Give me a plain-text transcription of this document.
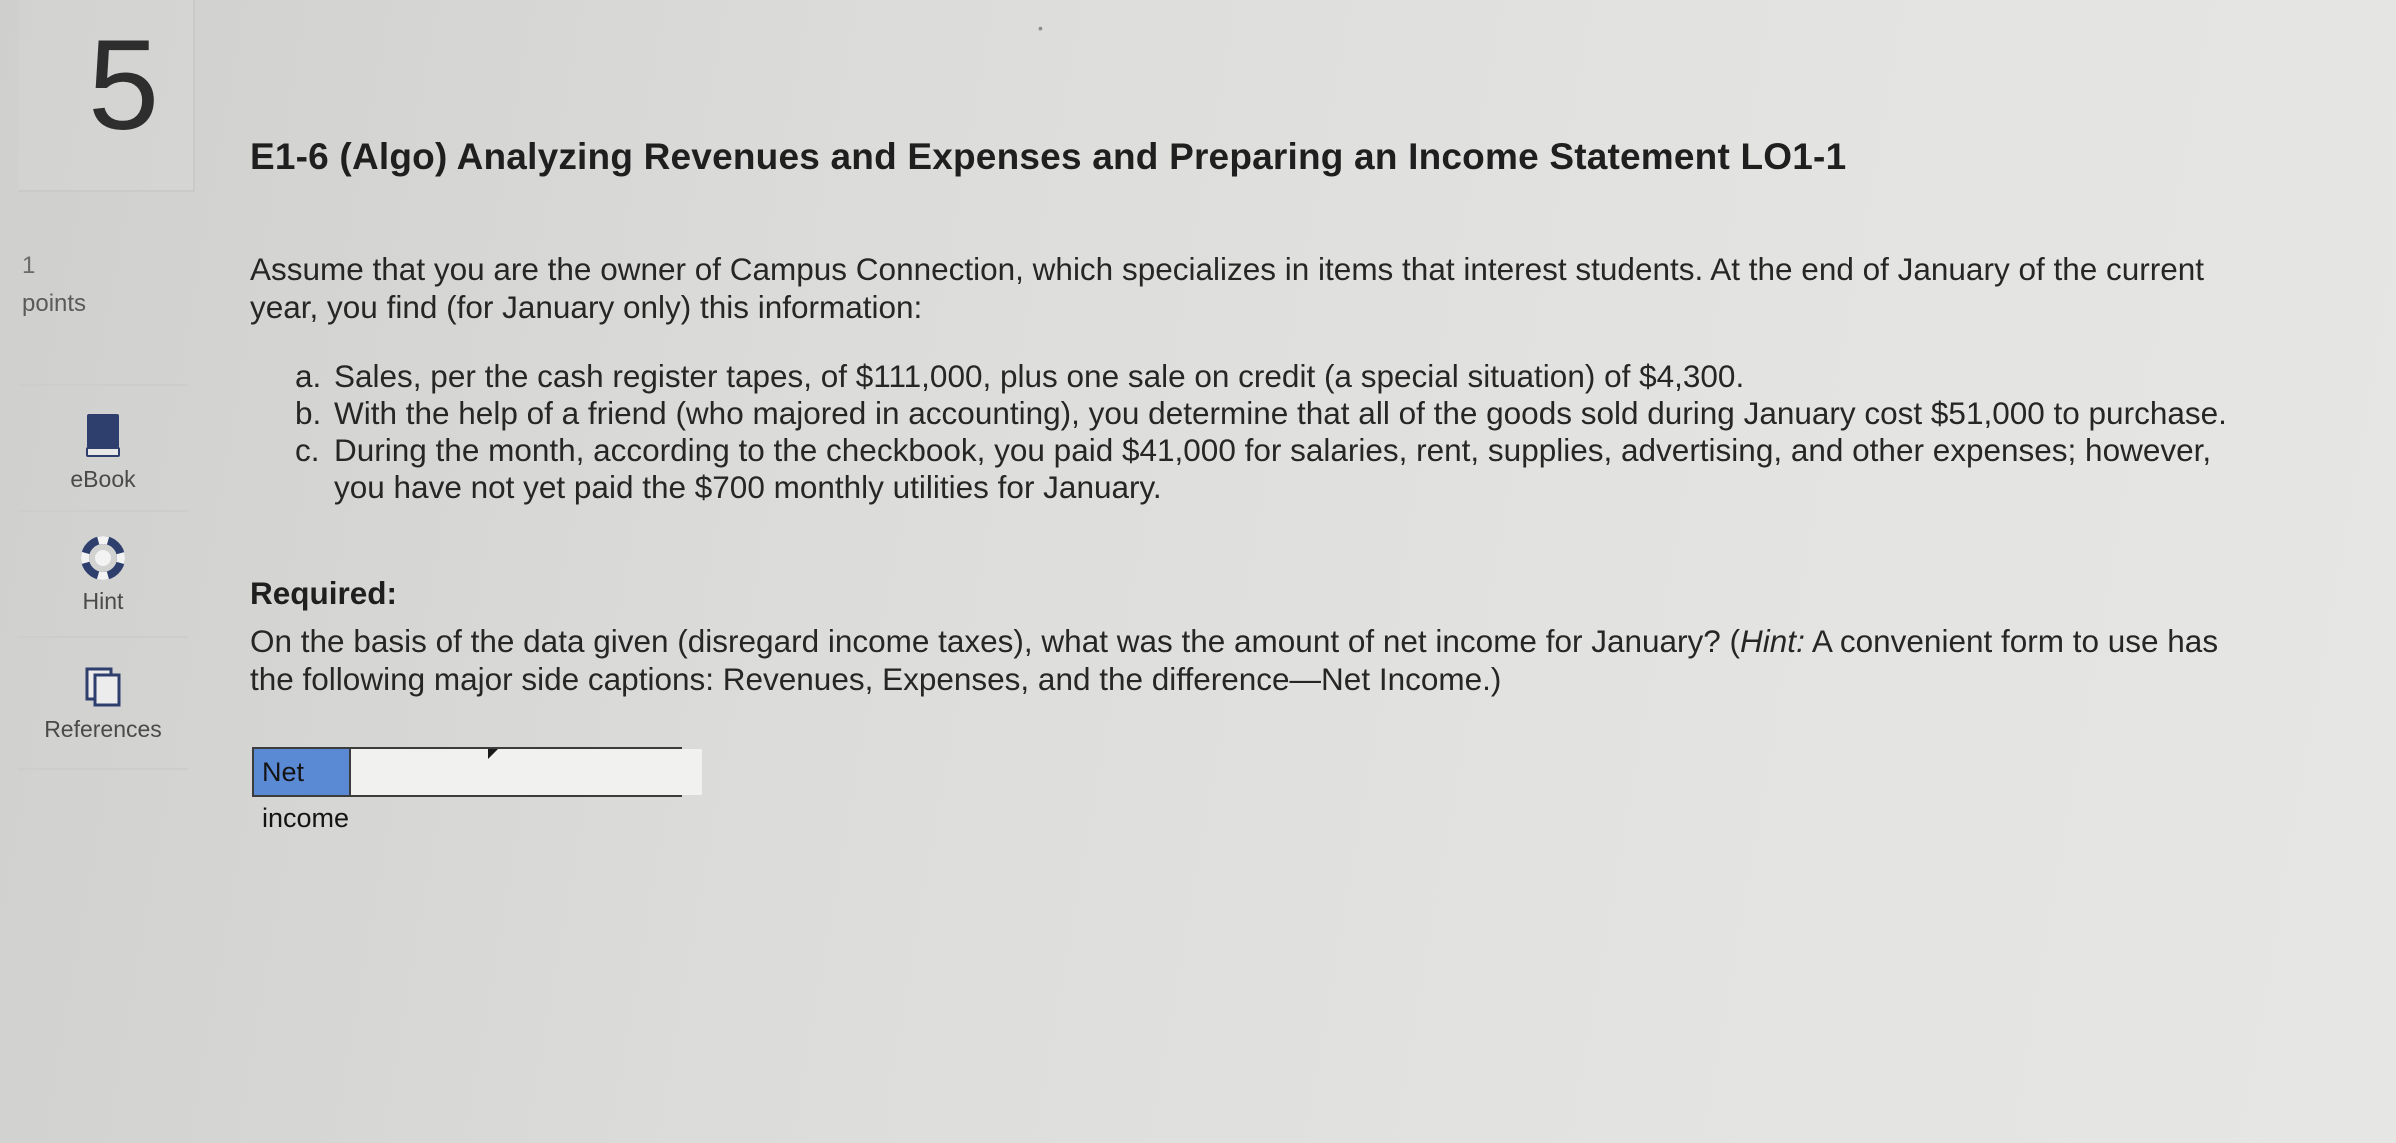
•
5
1
points
eBook
Hint
References
E1-6 (Algo) Analyzing Revenues and Expenses and Preparing an Income Statement LO1-1

Assume that you are the owner of Campus Connection, which specializes in items that interest students. At the end of January of the current year, you find (for January only) this information:

a. Sales, per the cash register tapes, of $111,000, plus one sale on credit (a special situation) of $4,300.
b. With the help of a friend (who majored in accounting), you determine that all of the goods sold during January cost $51,000 to purchase.
c. During the month, according to the checkbook, you paid $41,000 for salaries, rent, supplies, advertising, and other expenses; however, you have not yet paid the $700 monthly utilities for January.
Required:

On the basis of the data given (disregard income taxes), what was the amount of net income for January? (Hint: A convenient form to use has the following major side captions: Revenues, Expenses, and the difference—Net Income.)

Net income
